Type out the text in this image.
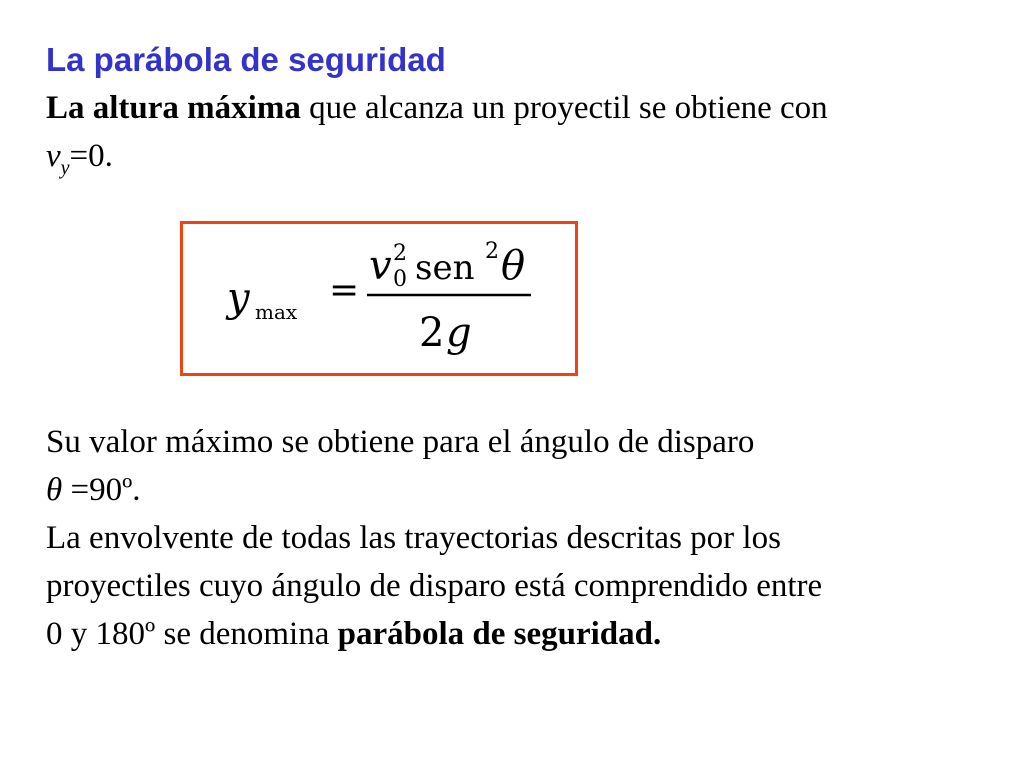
La parábola de seguridad
La altura máxima que alcanza un proyectil se obtiene con
$v_y=0$.
y max
=
v 2
0 sen 2 θ
2 g
Su valor máximo se obtiene para el ángulo de disparo
θ =90º.
La envolvente de todas las trayectorias descritas por los
proyectiles cuyo ángulo de disparo está comprendido entre
0 y 180º se denomina parábola de seguridad.
